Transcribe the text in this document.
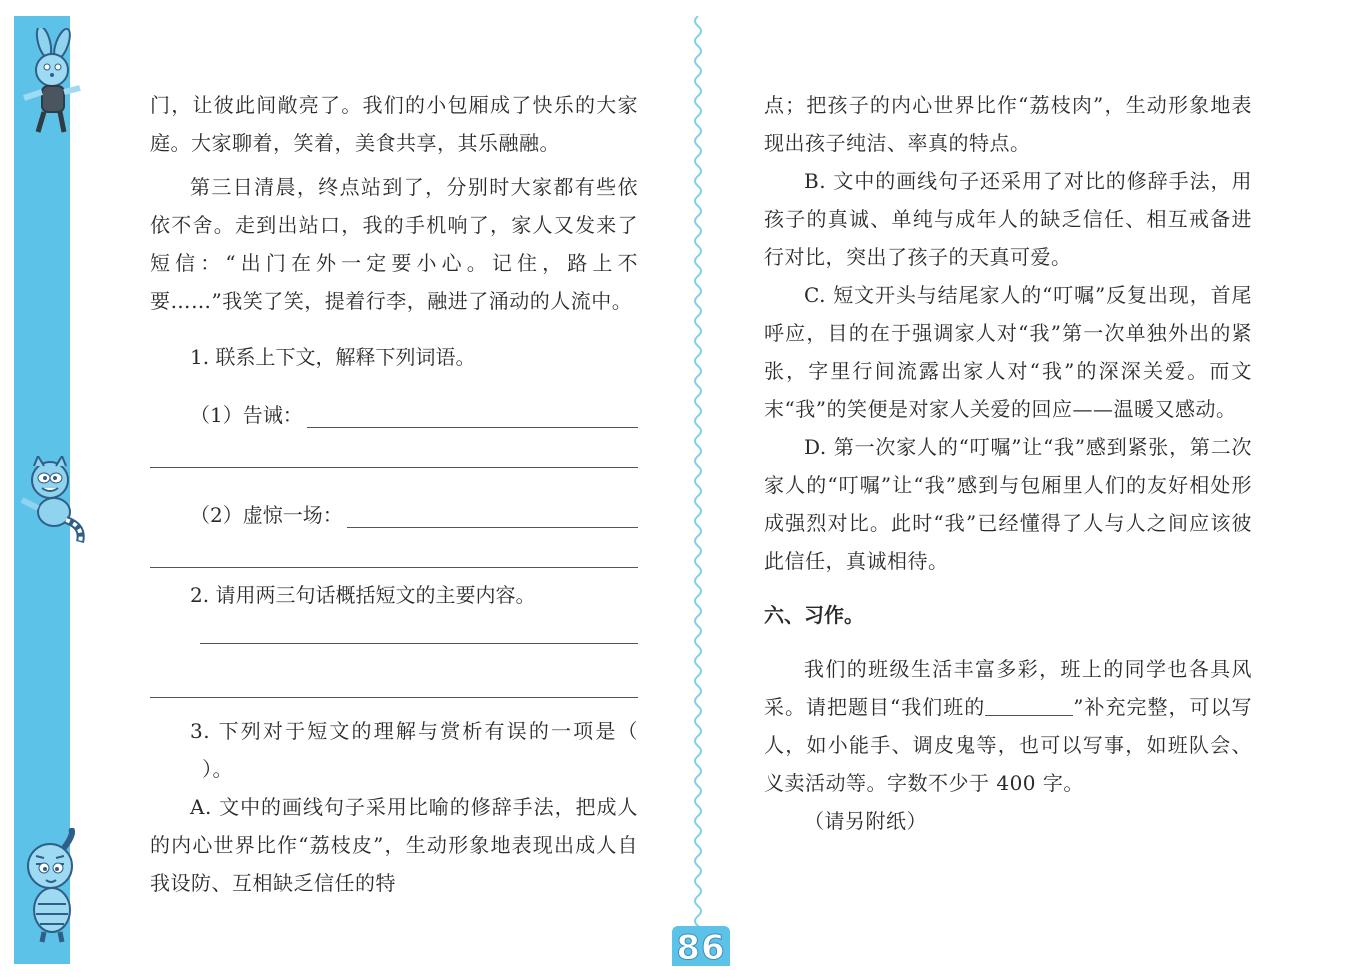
门，让彼此间敞亮了。我们的小包厢成了快乐的大家庭。大家聊着，笑着，美食共享，其乐融融。

第三日清晨，终点站到了，分别时大家都有些依依不舍。走到出站口，我的手机响了，家人又发来了短信：“出门在外一定要小心。记住，路上不要……”我笑了笑，提着行李，融进了涌动的人流中。

1. 联系上下文，解释下列词语。

（1）告诫：
（2）虚惊一场：

2. 请用两三句话概括短文的主要内容。

3. 下列对于短文的理解与赏析有误的一项是（）。

A. 文中的画线句子采用比喻的修辞手法，把成人的内心世界比作“荔枝皮”，生动形象地表现出成人自我设防、互相缺乏信任的特

点；把孩子的内心世界比作“荔枝肉”，生动形象地表现出孩子纯洁、率真的特点。

B. 文中的画线句子还采用了对比的修辞手法，用孩子的真诚、单纯与成年人的缺乏信任、相互戒备进行对比，突出了孩子的天真可爱。

C. 短文开头与结尾家人的“叮嘱”反复出现，首尾呼应，目的在于强调家人对“我”第一次单独外出的紧张，字里行间流露出家人对“我”的深深关爱。而文末“我”的笑便是对家人关爱的回应——温暖又感动。

D. 第一次家人的“叮嘱”让“我”感到紧张，第二次家人的“叮嘱”让“我”感到与包厢里人们的友好相处形成强烈对比。此时“我”已经懂得了人与人之间应该彼此信任，真诚相待。

六、习作。

我们的班级生活丰富多彩，班上的同学也各具风采。请把题目“我们班的	”补充完整，可以写人，如小能手、调皮鬼等，也可以写事，如班队会、义卖活动等。字数不少于 400 字。

（请另附纸）

86
